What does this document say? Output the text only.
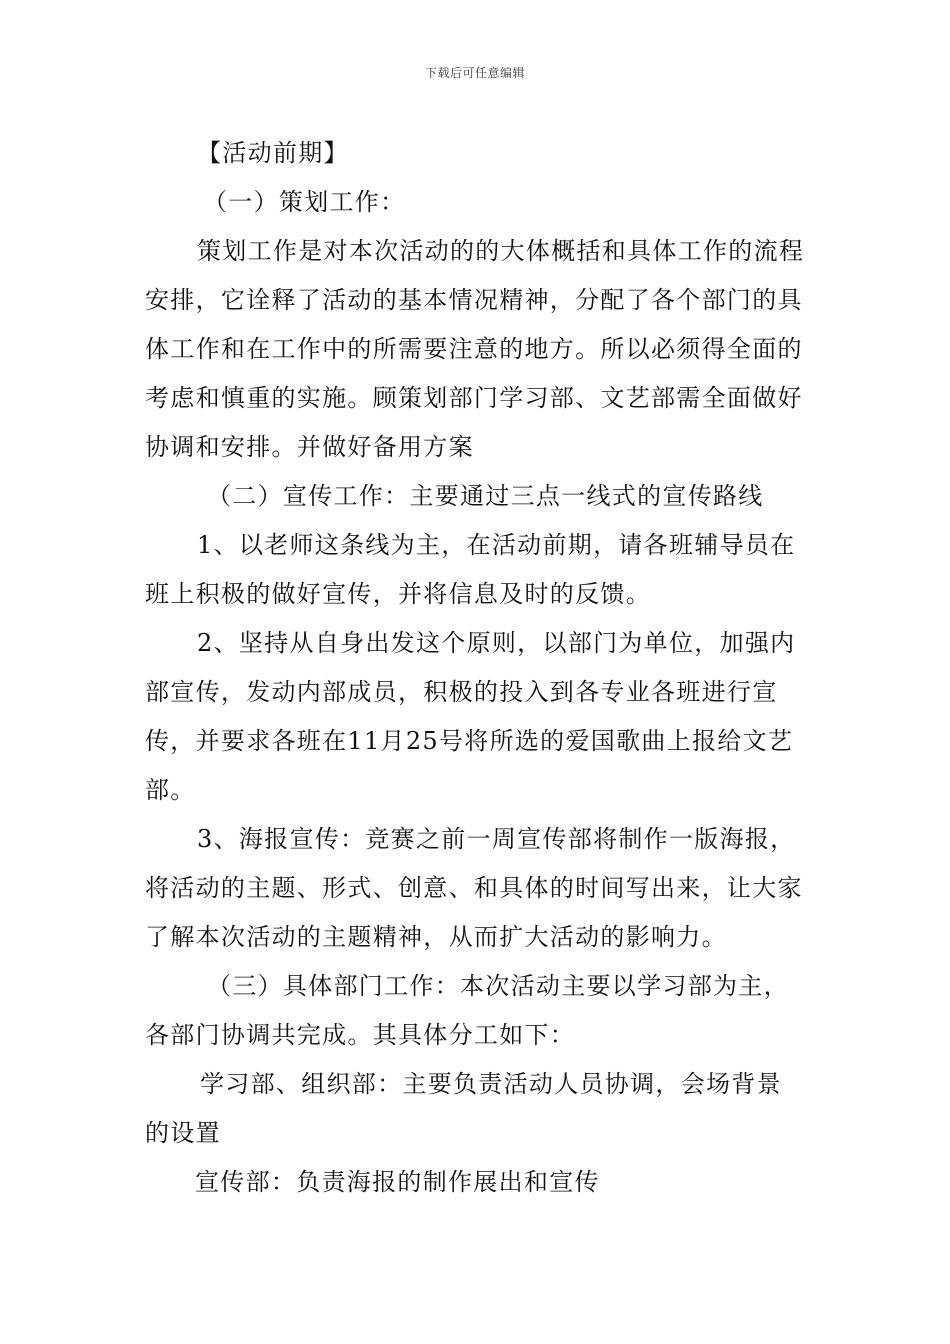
下载后可任意编辑

【活动前期】

（一）策划工作：

策划工作是对本次活动的的大体概括和具体工作的流程安排，它诠释了活动的基本情况精神，分配了各个部门的具体工作和在工作中的所需要注意的地方。所以必须得全面的考虑和慎重的实施。顾策划部门学习部、文艺部需全面做好协调和安排。并做好备用方案

（二）宣传工作：主要通过三点一线式的宣传路线

1、以老师这条线为主，在活动前期，请各班辅导员在班上积极的做好宣传，并将信息及时的反馈。

2、坚持从自身出发这个原则，以部门为单位，加强内部宣传，发动内部成员，积极的投入到各专业各班进行宣传，并要求各班在11月25号将所选的爱国歌曲上报给文艺部。

3、海报宣传：竞赛之前一周宣传部将制作一版海报，将活动的主题、形式、创意、和具体的时间写出来，让大家了解本次活动的主题精神，从而扩大活动的影响力。

（三）具体部门工作：本次活动主要以学习部为主，各部门协调共完成。其具体分工如下：

学习部、组织部：主要负责活动人员协调，会场背景的设置

宣传部：负责海报的制作展出和宣传
